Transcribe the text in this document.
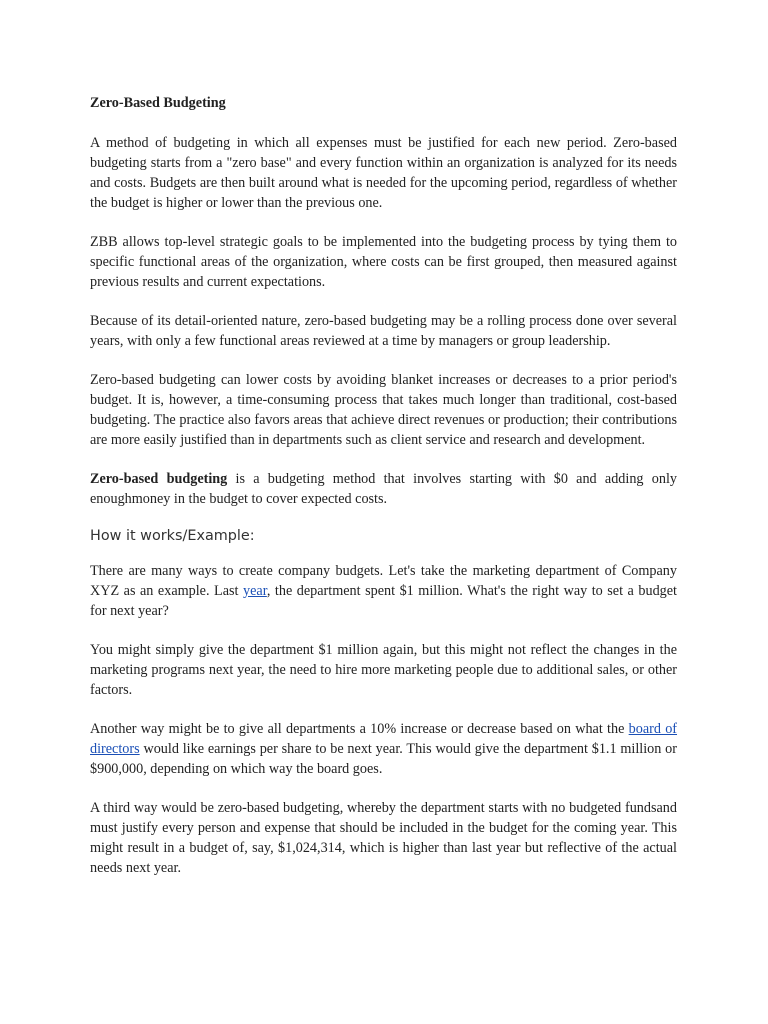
Zero-Based Budgeting

A method of budgeting in which all expenses must be justified for each new period. Zero-based budgeting starts from a "zero base" and every function within an organization is analyzed for its needs and costs. Budgets are then built around what is needed for the upcoming period, regardless of whether the budget is higher or lower than the previous one.

ZBB allows top-level strategic goals to be implemented into the budgeting process by tying them to specific functional areas of the organization, where costs can be first grouped, then measured against previous results and current expectations.

Because of its detail-oriented nature, zero-based budgeting may be a rolling process done over several years, with only a few functional areas reviewed at a time by managers or group leadership.

Zero-based budgeting can lower costs by avoiding blanket increases or decreases to a prior period's budget. It is, however, a time-consuming process that takes much longer than traditional, cost-based budgeting. The practice also favors areas that achieve direct revenues or production; their contributions are more easily justified than in departments such as client service and research and development.

Zero-based budgeting is a budgeting method that involves starting with $0 and adding only enoughmoney in the budget to cover expected costs.

How it works/Example:

There are many ways to create company budgets. Let's take the marketing department of Company XYZ as an example. Last year, the department spent $1 million. What's the right way to set a budget for next year?

You might simply give the department $1 million again, but this might not reflect the changes in the marketing programs next year, the need to hire more marketing people due to additional sales, or other factors.

Another way might be to give all departments a 10% increase or decrease based on what the board of directors would like earnings per share to be next year. This would give the department $1.1 million or $900,000, depending on which way the board goes.

A third way would be zero-based budgeting, whereby the department starts with no budgeted fundsand must justify every person and expense that should be included in the budget for the coming year. This might result in a budget of, say, $1,024,314, which is higher than last year but reflective of the actual needs next year.
